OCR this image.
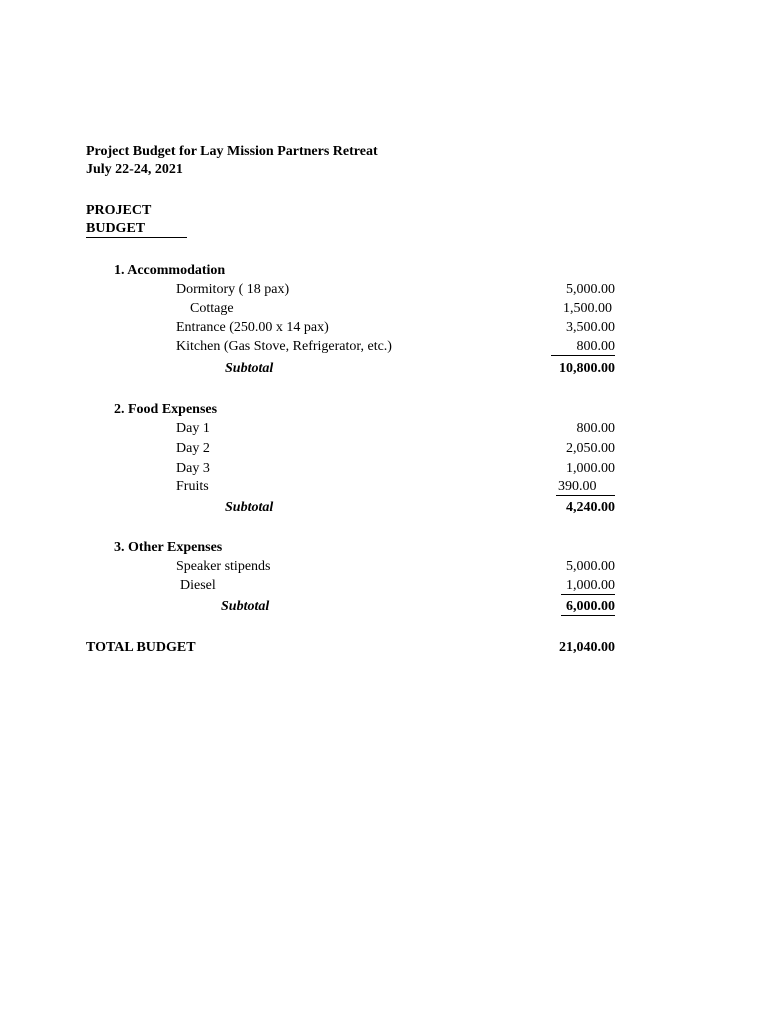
Project Budget for Lay Mission Partners Retreat
July 22-24, 2021
PROJECT
BUDGET
1. Accommodation
Dormitory ( 18 pax)	5,000.00
Cottage	1,500.00
Entrance (250.00 x 14 pax)	3,500.00
Kitchen (Gas Stove, Refrigerator, etc.)	800.00
Subtotal	10,800.00
2. Food Expenses
Day 1	800.00
Day 2	2,050.00
Day 3	1,000.00
Fruits	390.00
Subtotal	4,240.00
3. Other Expenses
Speaker stipends	5,000.00
Diesel	1,000.00
Subtotal	6,000.00
TOTAL BUDGET	21,040.00
